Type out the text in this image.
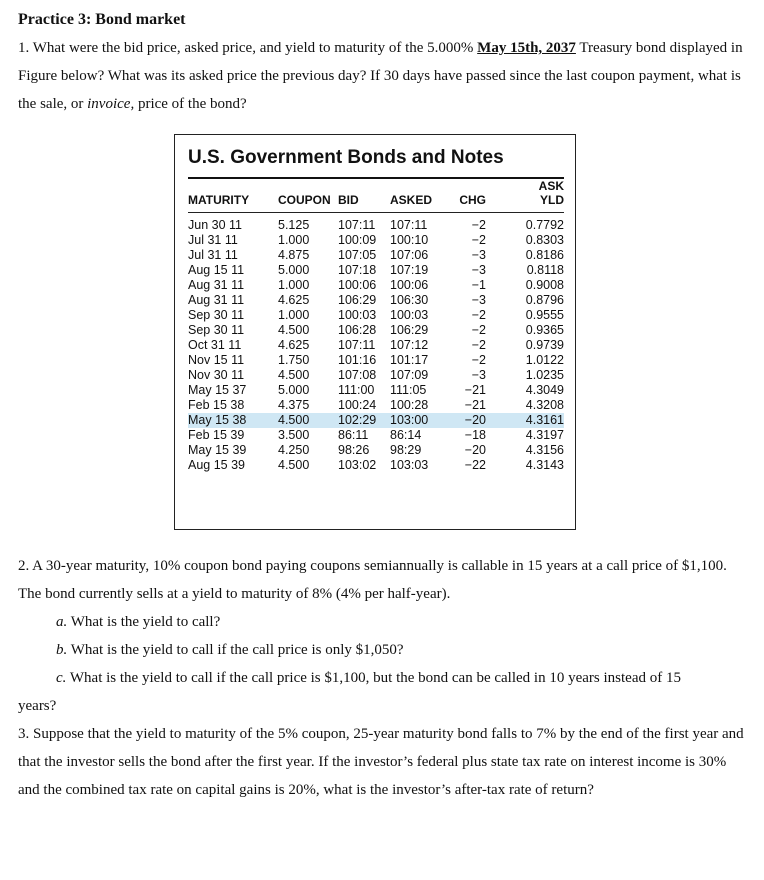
Practice 3: Bond market

1. What were the bid price, asked price, and yield to maturity of the 5.000% May 15th, 2037 Treasury bond displayed in Figure below? What was its asked price the previous day? If 30 days have passed since the last coupon payment, what is the sale, or invoice, price of the bond?

U.S. Government Bonds and Notes

					ASK
MATURITY	COUPON	BID	ASKED	CHG	YLD
Jun 30 11	5.125	107:11	107:11	−2	0.7792
Jul 31 11	1.000	100:09	100:10	−2	0.8303
Jul 31 11	4.875	107:05	107:06	−3	0.8186
Aug 15 11	5.000	107:18	107:19	−3	0.8118
Aug 31 11	1.000	100:06	100:06	−1	0.9008
Aug 31 11	4.625	106:29	106:30	−3	0.8796
Sep 30 11	1.000	100:03	100:03	−2	0.9555
Sep 30 11	4.500	106:28	106:29	−2	0.9365
Oct 31 11	4.625	107:11	107:12	−2	0.9739
Nov 15 11	1.750	101:16	101:17	−2	1.0122
Nov 30 11	4.500	107:08	107:09	−3	1.0235
May 15 37	5.000	111:00	111:05	−21	4.3049
Feb 15 38	4.375	100:24	100:28	−21	4.3208
May 15 38	4.500	102:29	103:00	−20	4.3161
Feb 15 39	3.500	86:11	86:14	−18	4.3197
May 15 39	4.250	98:26	98:29	−20	4.3156
Aug 15 39	4.500	103:02	103:03	−22	4.3143

2. A 30-year maturity, 10% coupon bond paying coupons semiannually is callable in 15 years at a call price of $1,100. The bond currently sells at a yield to maturity of 8% (4% per half-year).

a. What is the yield to call?

b. What is the yield to call if the call price is only $1,050?

c. What is the yield to call if the call price is $1,100, but the bond can be called in 10 years instead of 15

years?

3. Suppose that the yield to maturity of the 5% coupon, 25-year maturity bond falls to 7% by the end of the first year and that the investor sells the bond after the first year. If the investor’s federal plus state tax rate on interest income is 30% and the combined tax rate on capital gains is 20%, what is the investor’s after-tax rate of return?
